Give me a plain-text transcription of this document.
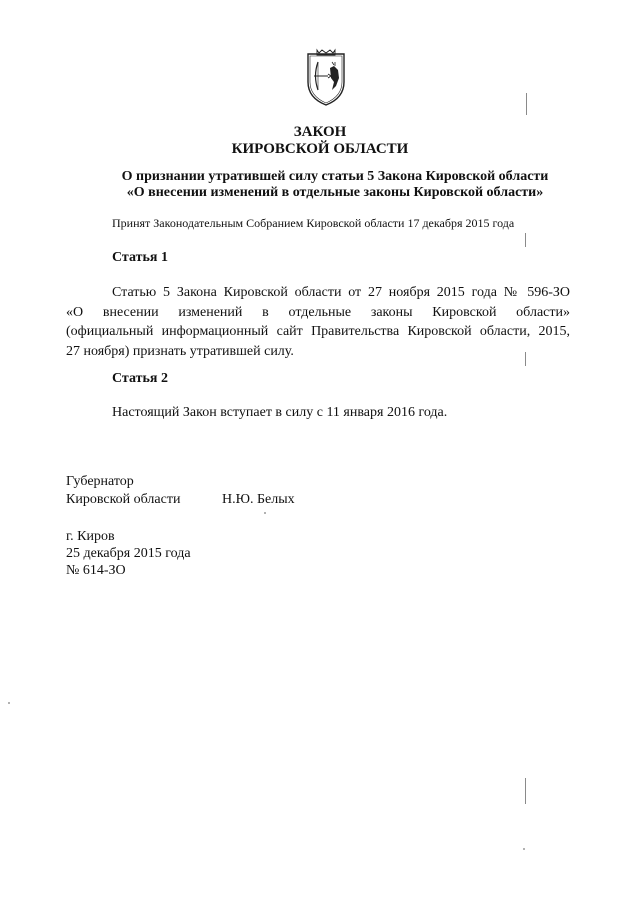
ЗАКОН
КИРОВСКОЙ ОБЛАСТИ
О признании утратившей силу статьи 5 Закона Кировской области
«О внесении изменений в отдельные законы Кировской области»
Принят Законодательным Собранием Кировской области 17 декабря 2015 года
Статья 1
Статью 5 Закона Кировской области от 27 ноября 2015 года № 596-ЗО
«О внесении изменений в отдельные законы Кировской области»
(официальный информационный сайт Правительства Кировской области, 2015,
27 ноября) признать утратившей силу.
Статья 2
Настоящий Закон вступает в силу с 11 января 2016 года.
Губернатор
Кировской области	Н.Ю. Белых
г. Киров
25 декабря 2015 года
№ 614-ЗО
